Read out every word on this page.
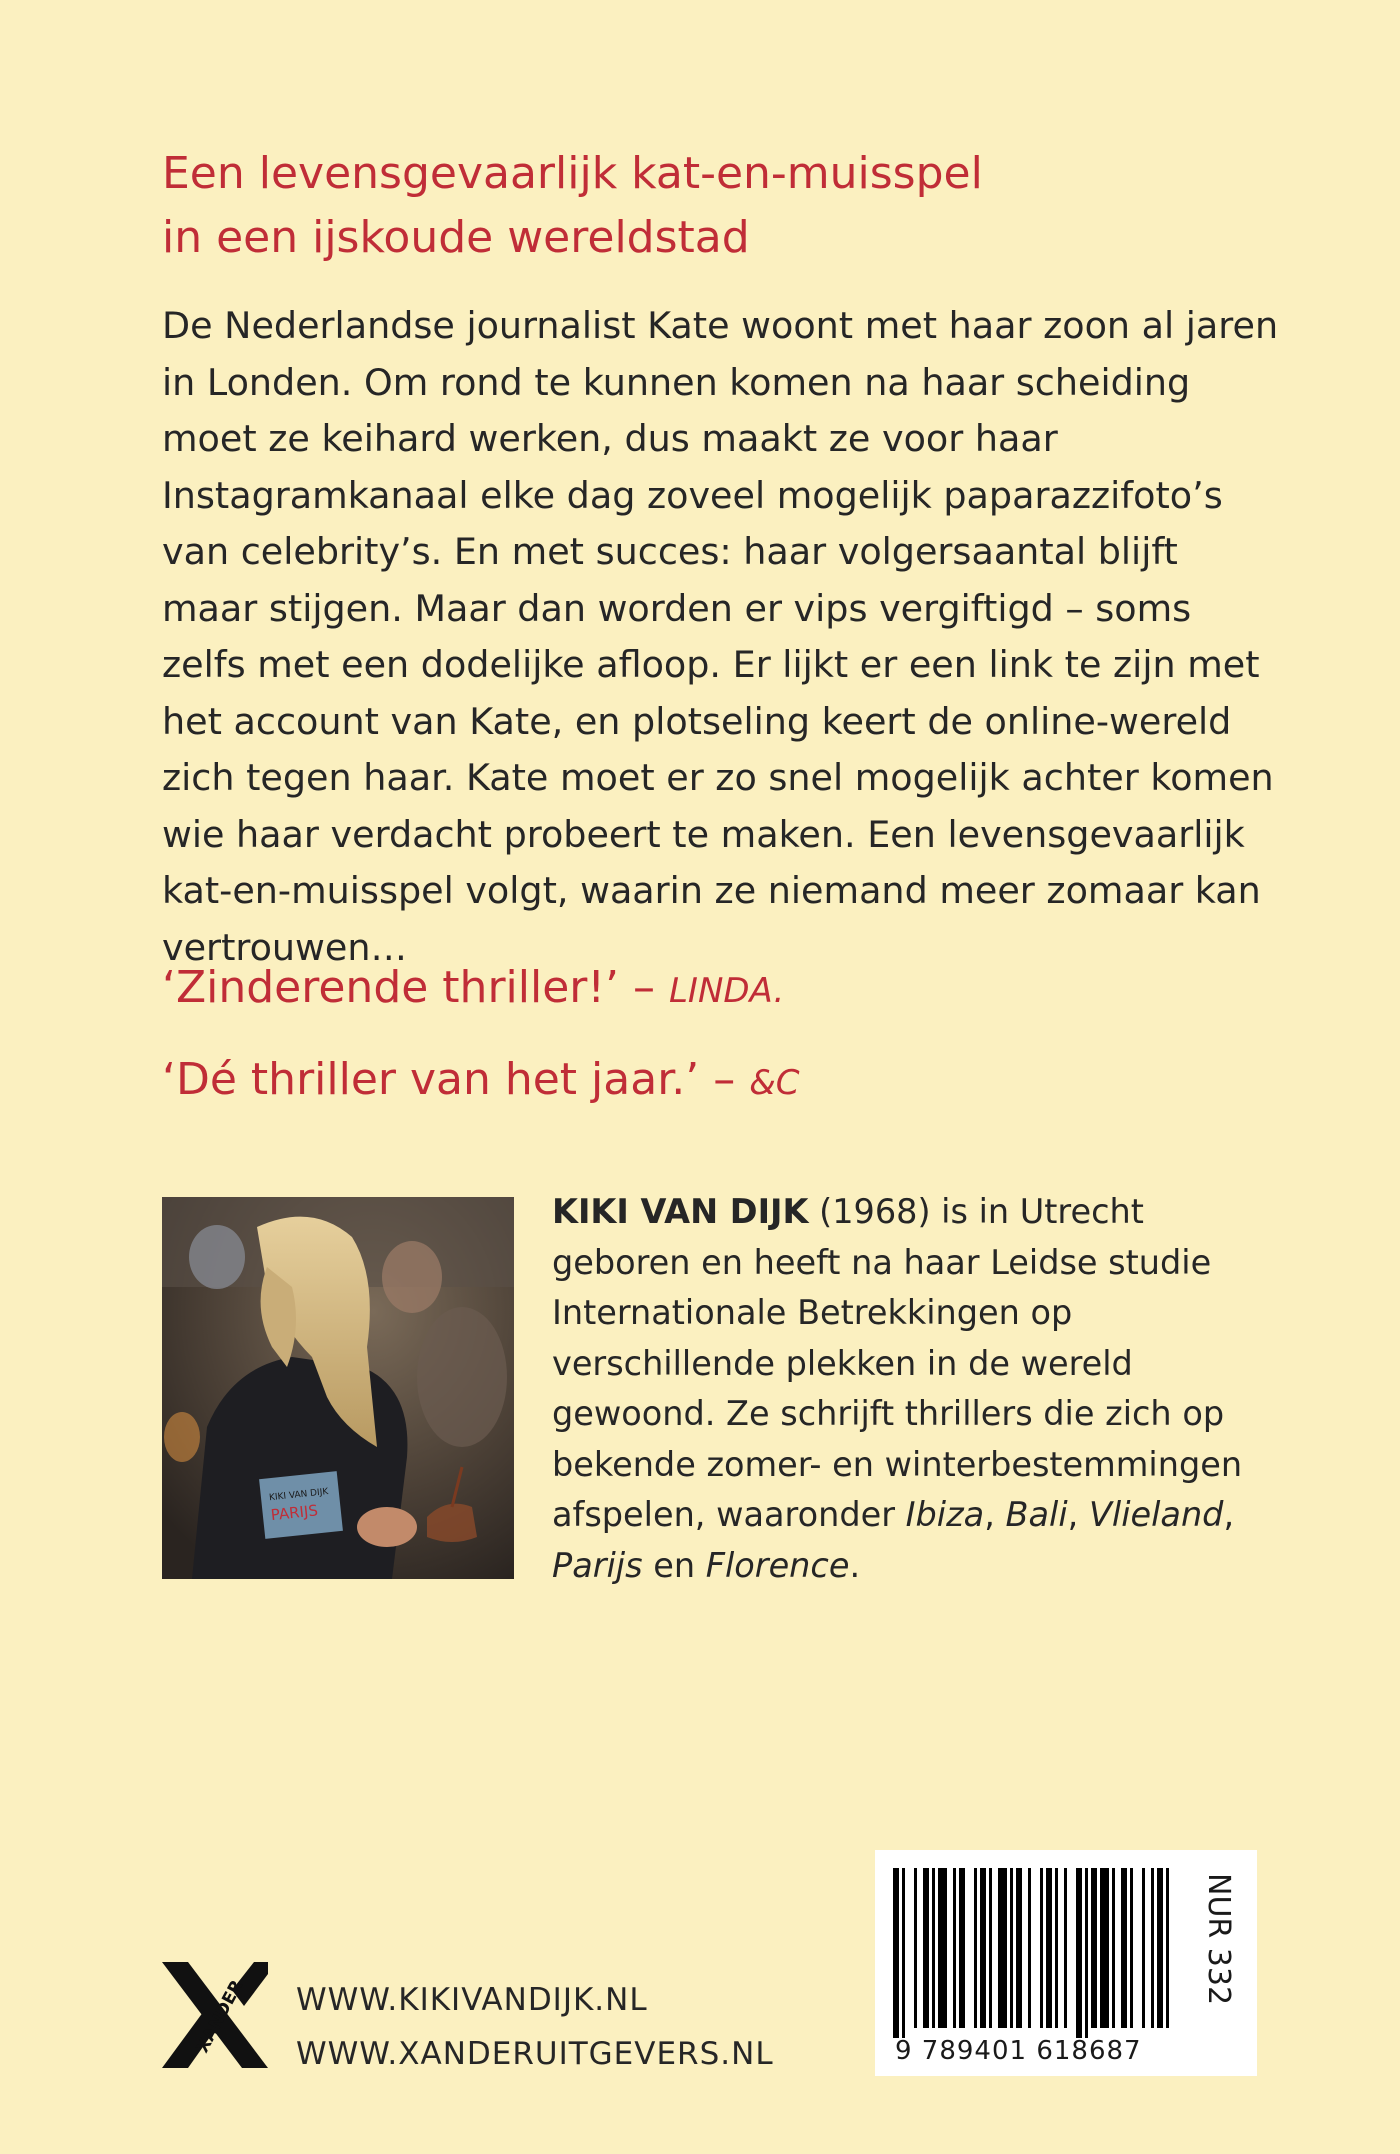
Een levensgevaarlijk kat-en-muisspel
in een ijskoude wereldstad

De Nederlandse journalist Kate woont met haar zoon al jaren in Londen. Om rond te kunnen komen na haar scheiding moet ze keihard werken, dus maakt ze voor haar Instagramkanaal elke dag zoveel mogelijk paparazzifoto’s van celebrity’s. En met succes: haar volgersaantal blijft maar stijgen. Maar dan worden er vips vergiftigd – soms zelfs met een dodelijke afloop. Er lijkt er een link te zijn met het account van Kate, en plotseling keert de online-wereld zich tegen haar. Kate moet er zo snel mogelijk achter komen wie haar verdacht probeert te maken. Een levensgevaarlijk kat-en-muisspel volgt, waarin ze niemand meer zomaar kan vertrouwen…

‘Zinderende thriller!’ – LINDA.

‘Dé thriller van het jaar.’ – &C

KIKI VAN DIJK
PARIJS

KIKI VAN DIJK (1968) is in Utrecht geboren en heeft na haar Leidse studie Internationale Betrekkingen op verschillende plekken in de wereld gewoond. Ze schrijft thrillers die zich op bekende zomer- en winterbestemmingen afspelen, waaronder Ibiza, Bali, Vlieland, Parijs en Florence.

XANDER WWW.KIKIVANDIJK.NL
WWW.XANDERUITGEVERS.NL
NUR 332
9 789401 618687
